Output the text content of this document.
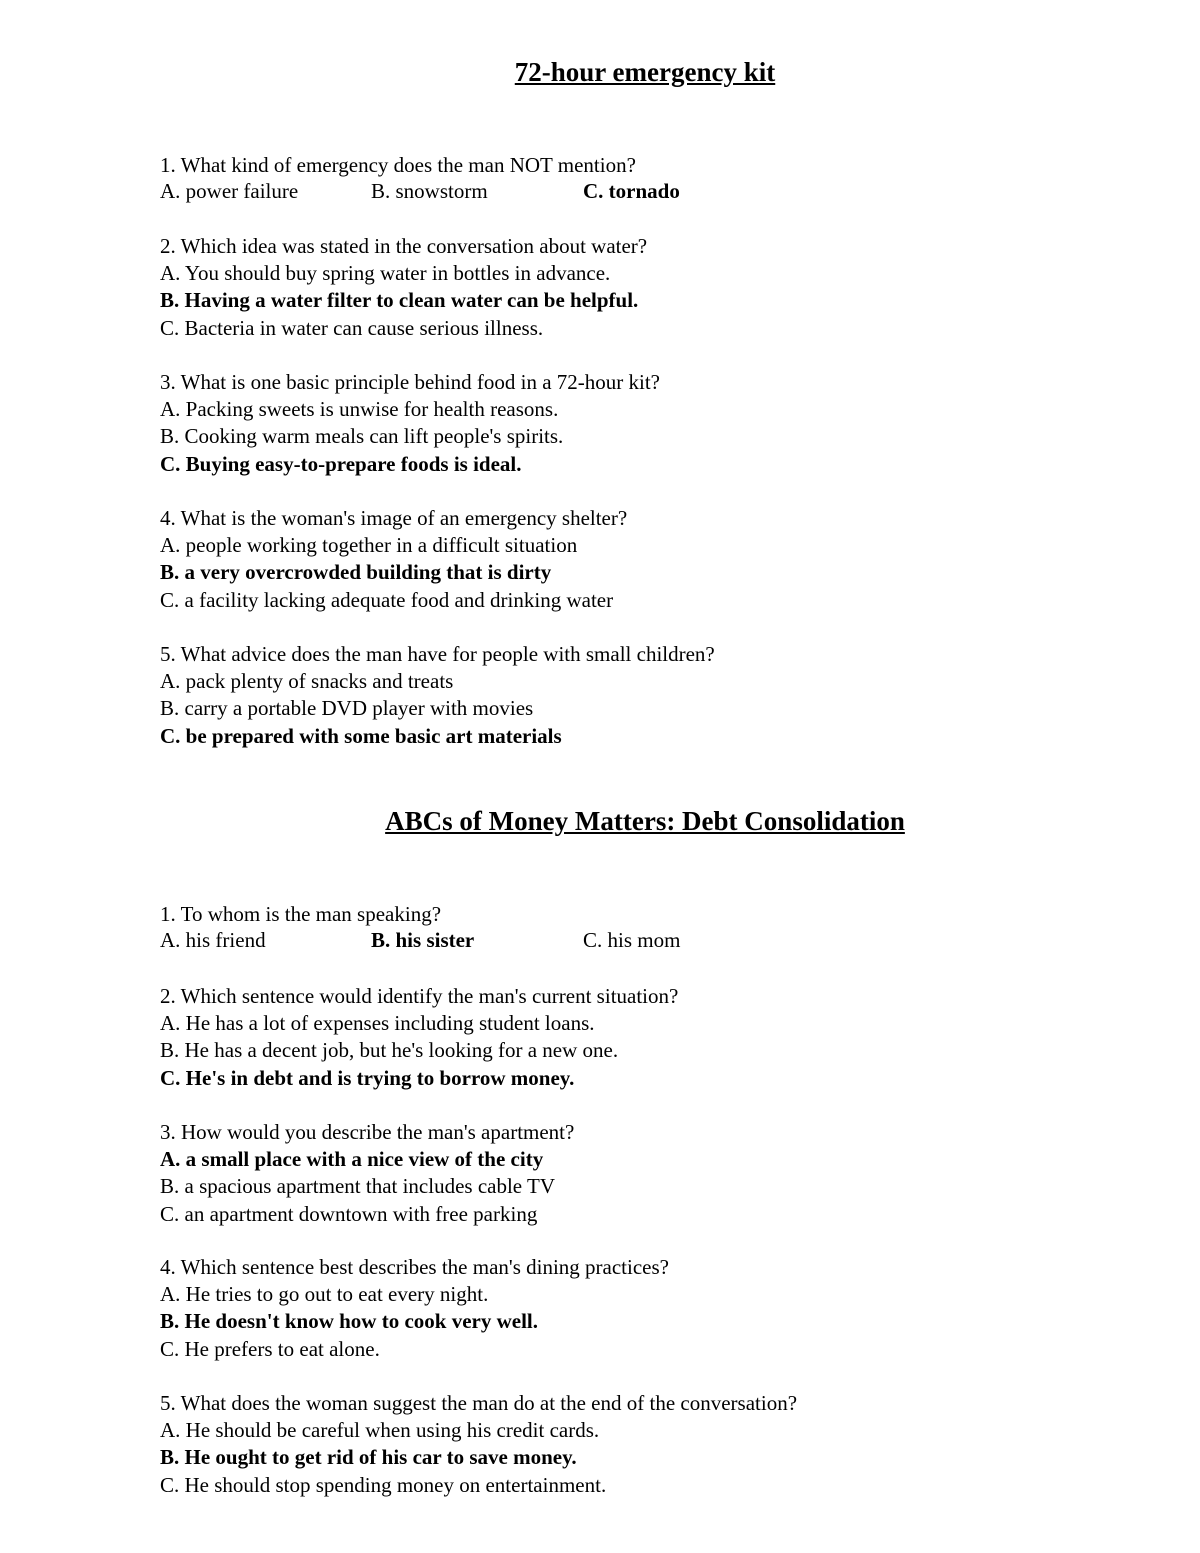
72-hour emergency kit
1. What kind of emergency does the man NOT mention?
A. power failure	B. snowstorm	C. tornado
2. Which idea was stated in the conversation about water?
A. You should buy spring water in bottles in advance.
B. Having a water filter to clean water can be helpful.
C. Bacteria in water can cause serious illness.
3. What is one basic principle behind food in a 72-hour kit?
A. Packing sweets is unwise for health reasons.
B. Cooking warm meals can lift people's spirits.
C. Buying easy-to-prepare foods is ideal.
4. What is the woman's image of an emergency shelter?
A. people working together in a difficult situation
B. a very overcrowded building that is dirty
C. a facility lacking adequate food and drinking water
5. What advice does the man have for people with small children?
A. pack plenty of snacks and treats
B. carry a portable DVD player with movies
C. be prepared with some basic art materials
ABCs of Money Matters: Debt Consolidation
1. To whom is the man speaking?
A. his friend	B. his sister	C. his mom
2. Which sentence would identify the man's current situation?
A. He has a lot of expenses including student loans.
B. He has a decent job, but he's looking for a new one.
C. He's in debt and is trying to borrow money.
3. How would you describe the man's apartment?
A. a small place with a nice view of the city
B. a spacious apartment that includes cable TV
C. an apartment downtown with free parking
4. Which sentence best describes the man's dining practices?
A. He tries to go out to eat every night.
B. He doesn't know how to cook very well.
C. He prefers to eat alone.
5. What does the woman suggest the man do at the end of the conversation?
A. He should be careful when using his credit cards.
B. He ought to get rid of his car to save money.
C. He should stop spending money on entertainment.
